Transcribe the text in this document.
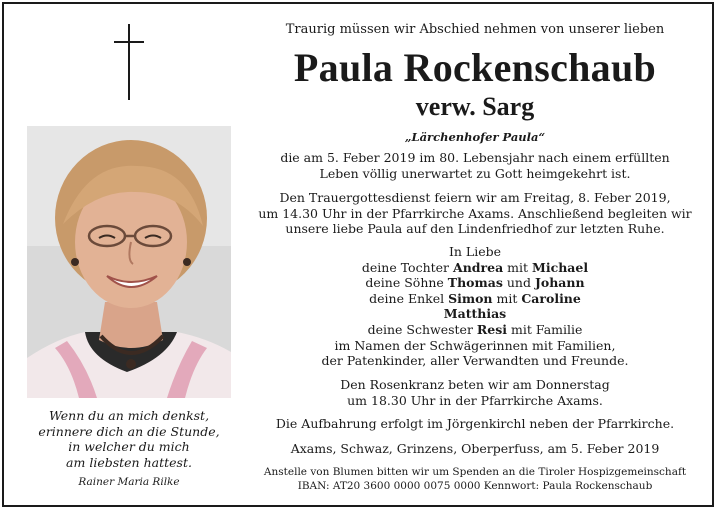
Wenn du an mich denkst,
erinnere dich an die Stunde,
in welcher du mich
am liebsten hattest.
Rainer Maria Rilke
Traurig müssen wir Abschied nehmen von unserer lieben
Paula Rockenschaub
verw. Sarg
„Lärchenhofer Paula“
die am 5. Feber 2019 im 80. Lebensjahr nach einem erfüllten
Leben völlig unerwartet zu Gott heimgekehrt ist.
Den Trauergottesdienst feiern wir am Freitag, 8. Feber 2019,
um 14.30 Uhr in der Pfarrkirche Axams. Anschließend begleiten wir
unsere liebe Paula auf den Lindenfriedhof zur letzten Ruhe.
In Liebe
deine Tochter Andrea mit Michael
deine Söhne Thomas und Johann
deine Enkel Simon mit Caroline
Matthias
deine Schwester Resi mit Familie
im Namen der Schwägerinnen mit Familien,
der Patenkinder, aller Verwandten und Freunde.
Den Rosenkranz beten wir am Donnerstag
um 18.30 Uhr in der Pfarrkirche Axams.
Die Aufbahrung erfolgt im Jörgenkirchl neben der Pfarrkirche.
Axams, Schwaz, Grinzens, Oberperfuss, am 5. Feber 2019
Anstelle von Blumen bitten wir um Spenden an die Tiroler Hospizgemeinschaft
IBAN: AT20 3600 0000 0075 0000 Kennwort: Paula Rockenschaub
